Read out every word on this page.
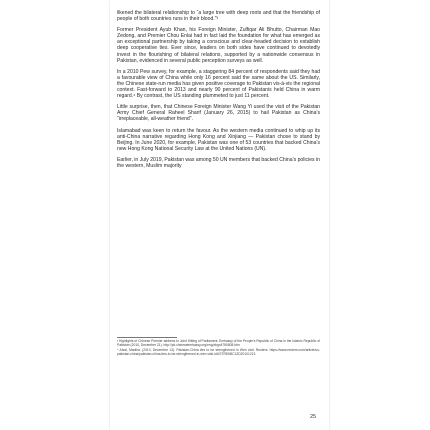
likened the bilateral relationship to “a large tree with deep roots and that the friendship of people of both countries runs in their blood.”³

Former President Ayub Khan, his Foreign Minister, Zulfiqar Ali Bhutto, Chairman Mao Zedong, and Premier Chou Enlai had in fact laid the foundation for what has emerged as an exceptional partnership by taking a conscious and clear-headed decision to establish deep cooperative ties. Ever since, leaders on both sides have continued to devotedly invest in the flourishing of bilateral relations, supported by a nationwide consensus in Pakistan, evidenced in several public perception surveys as well.

In a 2010 Pew survey, for example, a staggering 84 percent of respondents said they had a favourable view of China while only 16 percent said the same about the US. Similarly, the Chinese state-run media has given positive coverage to Pakistan vis-à-vis the regional context. Fast-forward to 2013 and nearly 90 percent of Pakistanis held China in warm regard.⁴ By contrast, the US standing plummeted to just 11 percent.

Little surprise, then, that Chinese Foreign Minister Wang Yi used the visit of the Pakistan Army Chief General Raheel Sharif (January 26, 2015) to hail Pakistan as China’s “irreplaceable, all-weather friend”.

Islamabad was keen to return the favour. As the western media continued to whip up its anti-China narrative regarding Hong Kong and Xinjiang — Pakistan chose to stand by Beijing. In June 2020, for example, Pakistan was one of 53 countries that backed China’s new Hong Kong National Security Law at the United Nations (UN).

Earlier, in July 2019, Pakistan was among 50 UN members that backed China’s policies in the western, Muslim majority

³ Highlights of Chinese Premier address to Joint Sitting of Parliament. Embassy of the People’s Republic of China in the Islamic Republic of Pakistan (2010, December 21). http://pk.chineseembassy.org/eng/zbgx/t780808.htm

⁴ Afzal, Madiha. (2010, December 13). Pakistan-China ties to be strengthened in Wen visit. Reuters. https://www.reuters.com/article/us-pakistan-china/pakistan-china-ties-to-be-strengthened-in-wen-visit-idUSTRE6BC1ZD20101213

25
